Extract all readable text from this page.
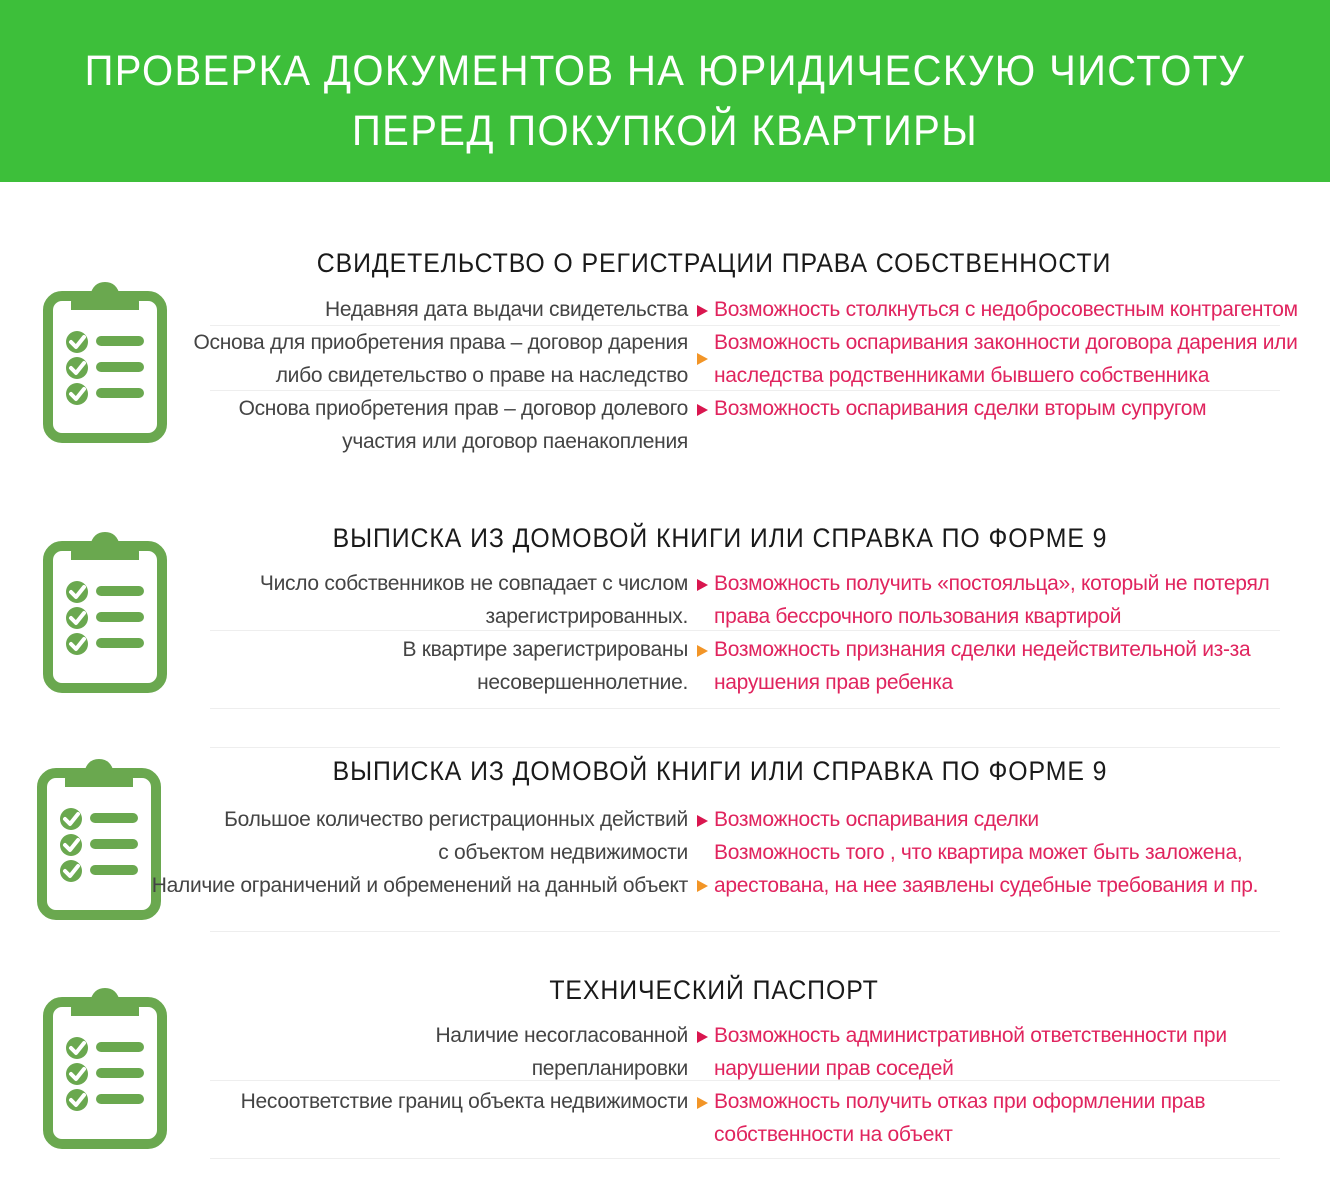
ПРОВЕРКА ДОКУМЕНТОВ НА ЮРИДИЧЕСКУЮ ЧИСТОТУ
ПЕРЕД ПОКУПКОЙ КВАРТИРЫ
СВИДЕТЕЛЬСТВО О РЕГИСТРАЦИИ ПРАВА СОБСТВЕННОСТИ
Недавняя дата выдачи свидетельства
Основа для приобретения права – договор дарения
либо свидетельство о праве на наследство
Основа приобретения прав – договор долевого
участия или договор паенакопления
Возможность столкнуться с недобросовестным контрагентом
Возможность оспаривания законности договора дарения или
наследства родственниками бывшего собственника
Возможность оспаривания сделки вторым супругом
ВЫПИСКА ИЗ ДОМОВОЙ КНИГИ ИЛИ СПРАВКА ПО ФОРМЕ 9
Число собственников не совпадает с числом
зарегистрированных.
В квартире зарегистрированы
несовершеннолетние.
Возможность получить «постояльца», который не потерял
права бессрочного пользования квартирой
Возможность признания сделки недействительной из-за
нарушения прав ребенка
ВЫПИСКА ИЗ ДОМОВОЙ КНИГИ ИЛИ СПРАВКА ПО ФОРМЕ 9
Большое количество регистрационных действий
с объектом недвижимости
Наличие ограничений и обременений на данный объект
Возможность оспаривания сделки
Возможность того , что квартира может быть заложена,
арестована, на нее заявлены судебные требования и пр.
ТЕХНИЧЕСКИЙ ПАСПОРТ
Наличие несогласованной
перепланировки
Несоответствие границ объекта недвижимости
Возможность административной ответственности при
нарушении прав соседей
Возможность получить отказ при оформлении прав
собственности на объект
